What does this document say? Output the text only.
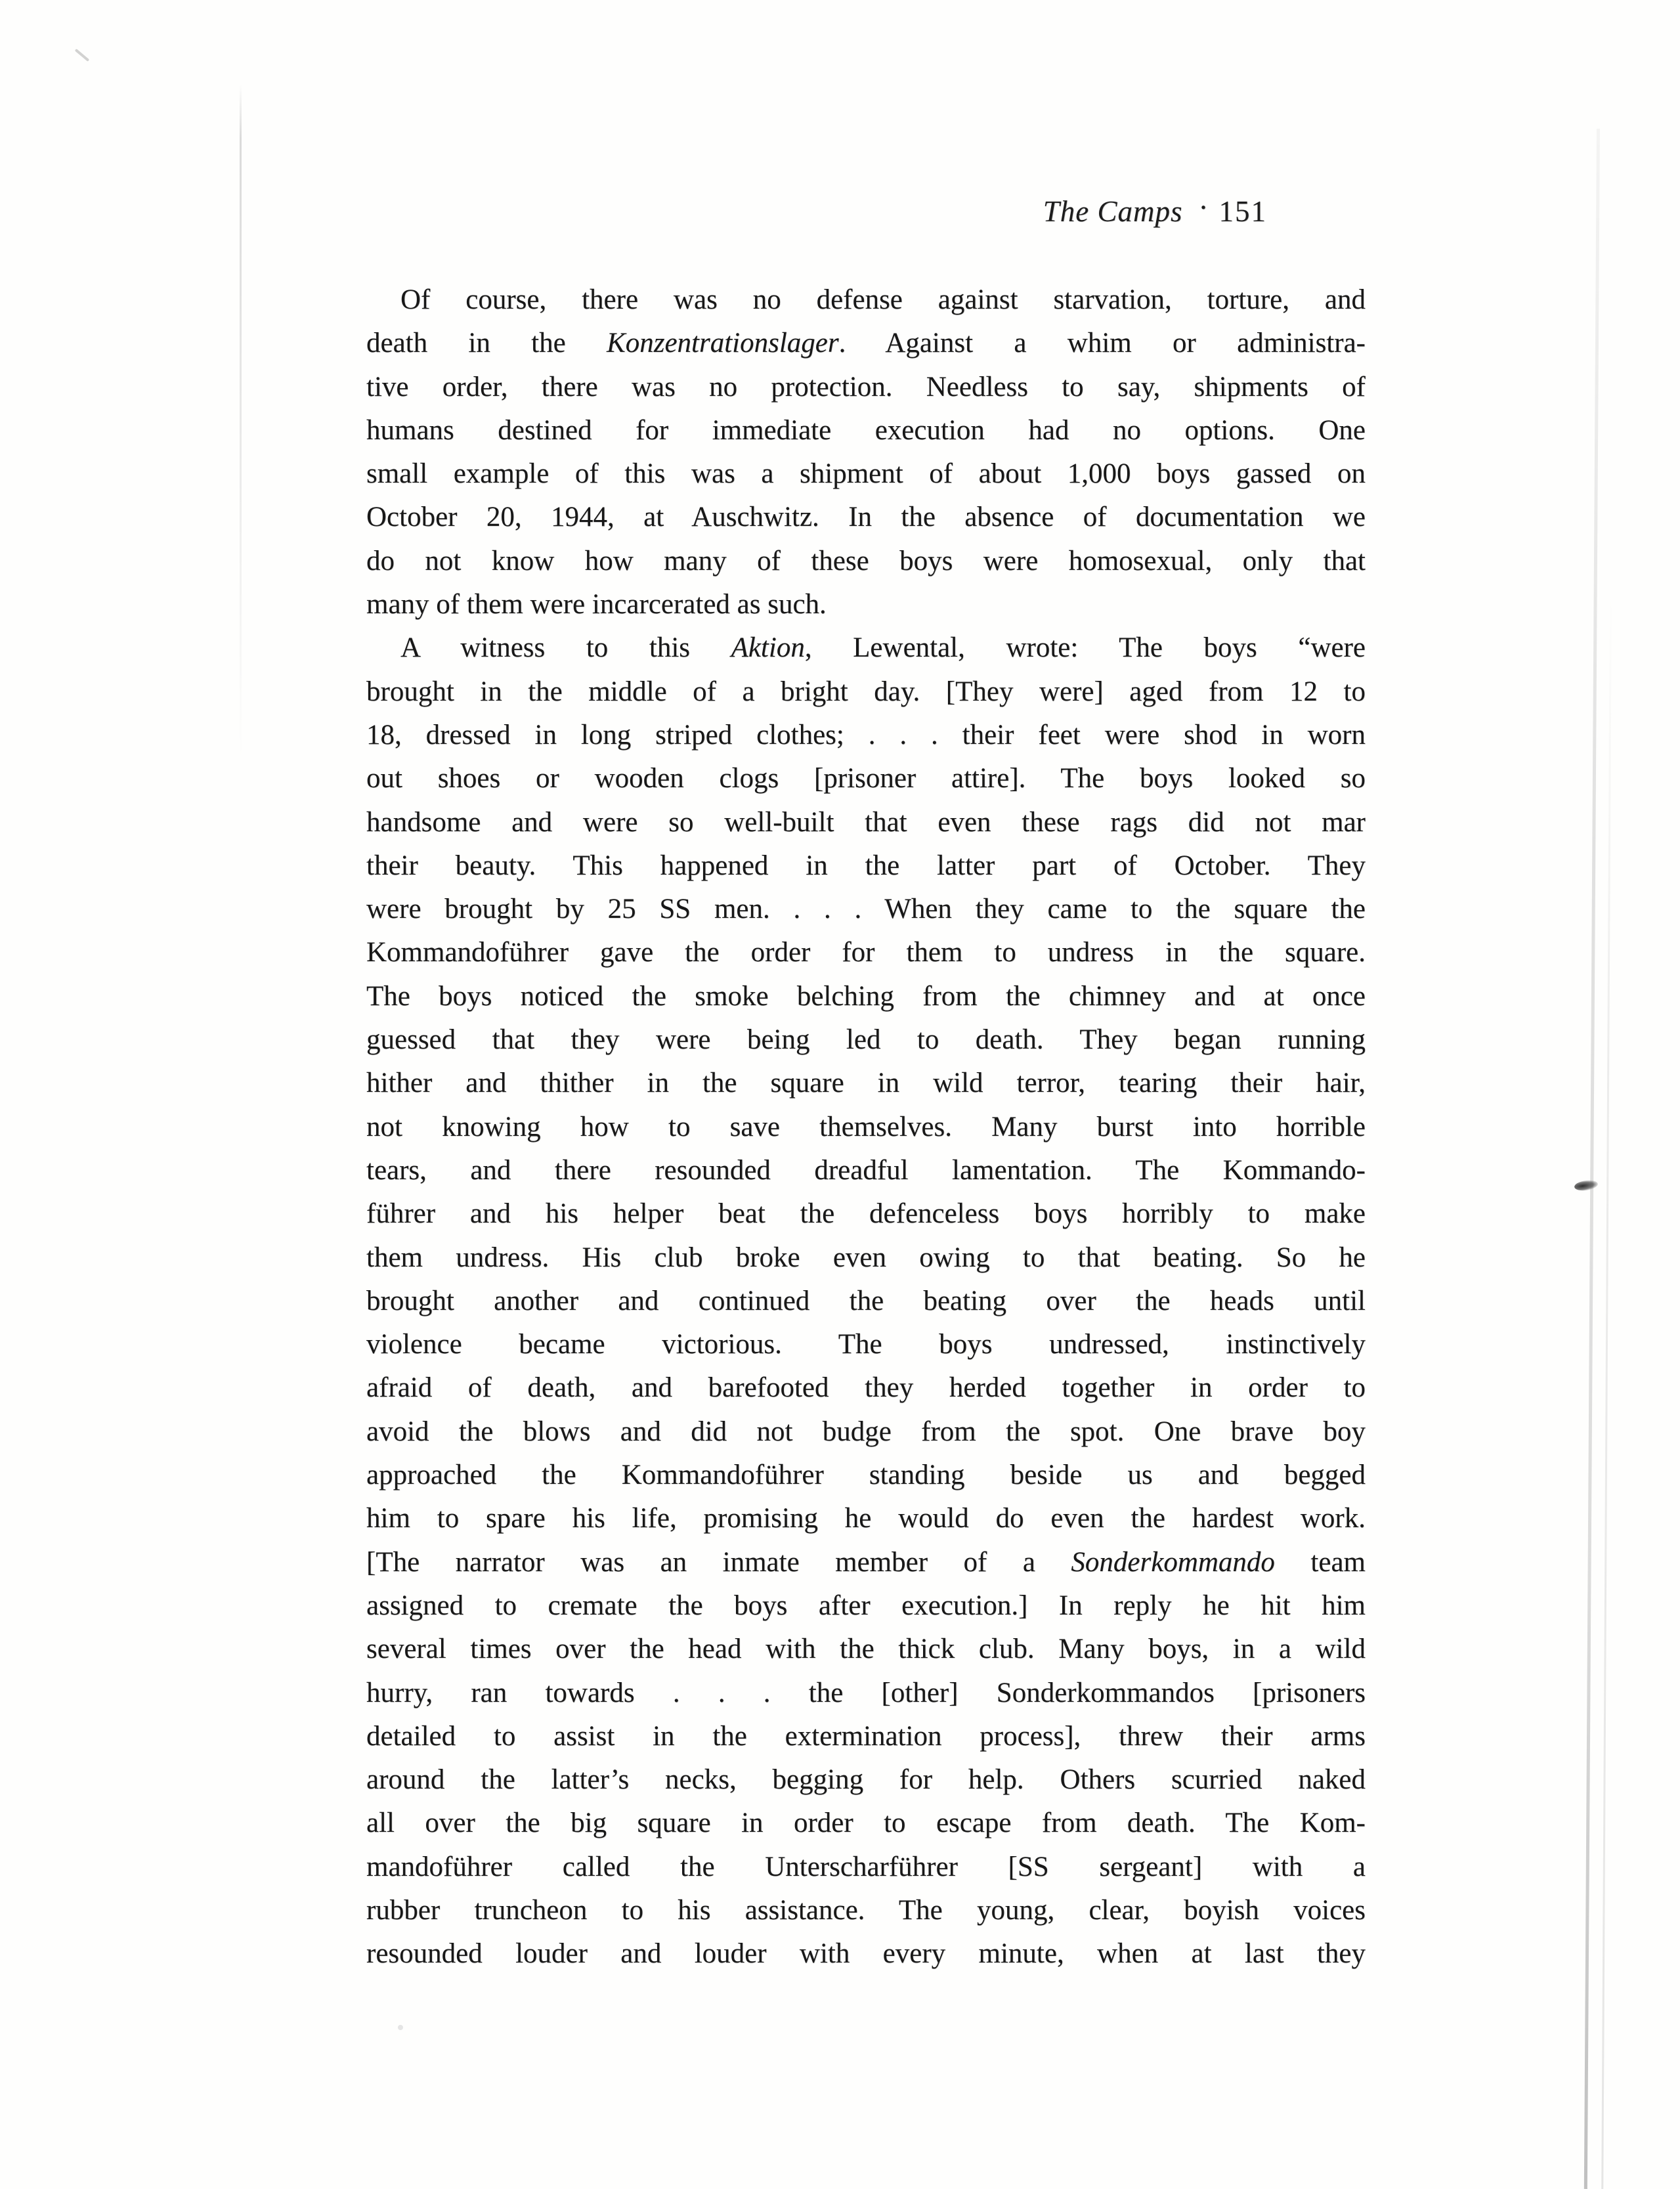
The Camps · 151
Of course, there was no defense against starvation, torture, and
death in the Konzentrationslager. Against a whim or administra-
tive order, there was no protection. Needless to say, shipments of
humans destined for immediate execution had no options. One
small example of this was a shipment of about 1,000 boys gassed on
October 20, 1944, at Auschwitz. In the absence of documentation we
do not know how many of these boys were homosexual, only that
many of them were incarcerated as such.
A witness to this Aktion, Lewental, wrote: The boys “were
brought in the middle of a bright day. [They were] aged from 12 to
18, dressed in long striped clothes; . . . their feet were shod in worn
out shoes or wooden clogs [prisoner attire]. The boys looked so
handsome and were so well-built that even these rags did not mar
their beauty. This happened in the latter part of October. They
were brought by 25 SS men. . . . When they came to the square the
Kommandoführer gave the order for them to undress in the square.
The boys noticed the smoke belching from the chimney and at once
guessed that they were being led to death. They began running
hither and thither in the square in wild terror, tearing their hair,
not knowing how to save themselves. Many burst into horrible
tears, and there resounded dreadful lamentation. The Kommando-
führer and his helper beat the defenceless boys horribly to make
them undress. His club broke even owing to that beating. So he
brought another and continued the beating over the heads until
violence became victorious. The boys undressed, instinctively
afraid of death, and barefooted they herded together in order to
avoid the blows and did not budge from the spot. One brave boy
approached the Kommandoführer standing beside us and begged
him to spare his life, promising he would do even the hardest work.
[The narrator was an inmate member of a Sonderkommando team
assigned to cremate the boys after execution.] In reply he hit him
several times over the head with the thick club. Many boys, in a wild
hurry, ran towards . . . the [other] Sonderkommandos [prisoners
detailed to assist in the extermination process], threw their arms
around the latter’s necks, begging for help. Others scurried naked
all over the big square in order to escape from death. The Kom-
mandoführer called the Unterscharführer [SS sergeant] with a
rubber truncheon to his assistance. The young, clear, boyish voices
resounded louder and louder with every minute, when at last they
